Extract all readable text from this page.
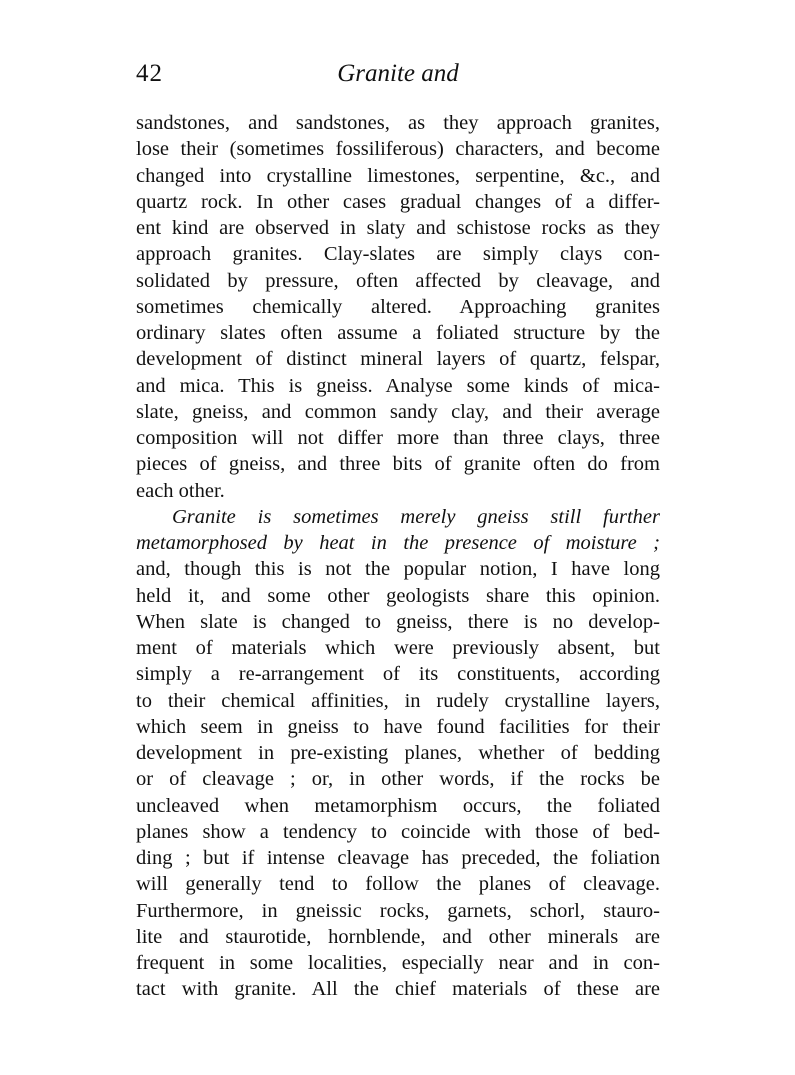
42	Granite and
sandstones, and sandstones, as they approach granites,
lose their (sometimes fossiliferous) characters, and become
changed into crystalline limestones, serpentine, &c., and
quartz rock. In other cases gradual changes of a differ-
ent kind are observed in slaty and schistose rocks as they
approach granites. Clay-slates are simply clays con-
solidated by pressure, often affected by cleavage, and
sometimes chemically altered. Approaching granites
ordinary slates often assume a foliated structure by the
development of distinct mineral layers of quartz, felspar,
and mica. This is gneiss. Analyse some kinds of mica-
slate, gneiss, and common sandy clay, and their average
composition will not differ more than three clays, three
pieces of gneiss, and three bits of granite often do from
each other.
Granite is sometimes merely gneiss still further
metamorphosed by heat in the presence of moisture ;
and, though this is not the popular notion, I have long
held it, and some other geologists share this opinion.
When slate is changed to gneiss, there is no develop-
ment of materials which were previously absent, but
simply a re-arrangement of its constituents, according
to their chemical affinities, in rudely crystalline layers,
which seem in gneiss to have found facilities for their
development in pre-existing planes, whether of bedding
or of cleavage ; or, in other words, if the rocks be
uncleaved when metamorphism occurs, the foliated
planes show a tendency to coincide with those of bed-
ding ; but if intense cleavage has preceded, the foliation
will generally tend to follow the planes of cleavage.
Furthermore, in gneissic rocks, garnets, schorl, stauro-
lite and staurotide, hornblende, and other minerals are
frequent in some localities, especially near and in con-
tact with granite. All the chief materials of these are
